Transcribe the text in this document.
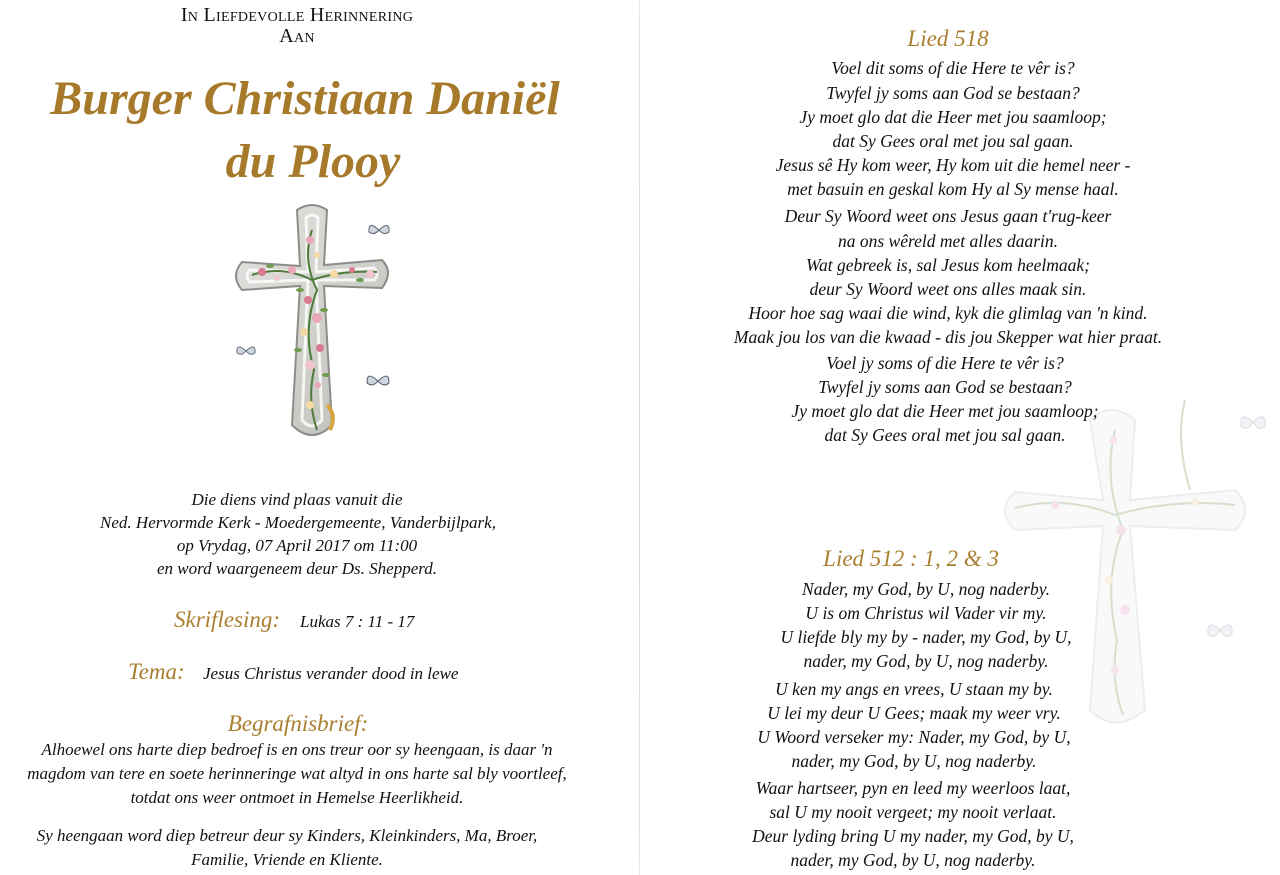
In Liefdevolle Herinnering
Aan
Burger Christiaan Daniël
du Plooy
Die diens vind plaas vanuit die
Ned. Hervormde Kerk - Moedergemeente, Vanderbijlpark,
op Vrydag, 07 April 2017 om 11:00
en word waargeneem deur Ds. Shepperd.
Skriflesing: Lukas 7 : 11 - 17
Tema: Jesus Christus verander dood in lewe
Begrafnisbrief:
Alhoewel ons harte diep bedroef is en ons treur oor sy heengaan, is daar 'n
magdom van tere en soete herinneringe wat altyd in ons harte sal bly voortleef,
totdat ons weer ontmoet in Hemelse Heerlikheid.
Sy heengaan word diep betreur deur sy Kinders, Kleinkinders, Ma, Broer,
Familie, Vriende en Kliente.
Lied 518
Voel dit soms of die Here te vêr is?
Twyfel jy soms aan God se bestaan?
Jy moet glo dat die Heer met jou saamloop;
dat Sy Gees oral met jou sal gaan.
Jesus sê Hy kom weer, Hy kom uit die hemel neer -
met basuin en geskal kom Hy al Sy mense haal.
Deur Sy Woord weet ons Jesus gaan t'rug-keer
na ons wêreld met alles daarin.
Wat gebreek is, sal Jesus kom heelmaak;
deur Sy Woord weet ons alles maak sin.
Hoor hoe sag waai die wind, kyk die glimlag van 'n kind.
Maak jou los van die kwaad - dis jou Skepper wat hier praat.
Voel jy soms of die Here te vêr is?
Twyfel jy soms aan God se bestaan?
Jy moet glo dat die Heer met jou saamloop;
dat Sy Gees oral met jou sal gaan.
Lied 512 : 1, 2 & 3
Nader, my God, by U, nog naderby.
U is om Christus wil Vader vir my.
U liefde bly my by - nader, my God, by U,
nader, my God, by U, nog naderby.
U ken my angs en vrees, U staan my by.
U lei my deur U Gees; maak my weer vry.
U Woord verseker my: Nader, my God, by U,
nader, my God, by U, nog naderby.
Waar hartseer, pyn en leed my weerloos laat,
sal U my nooit vergeet; my nooit verlaat.
Deur lyding bring U my nader, my God, by U,
nader, my God, by U, nog naderby.
